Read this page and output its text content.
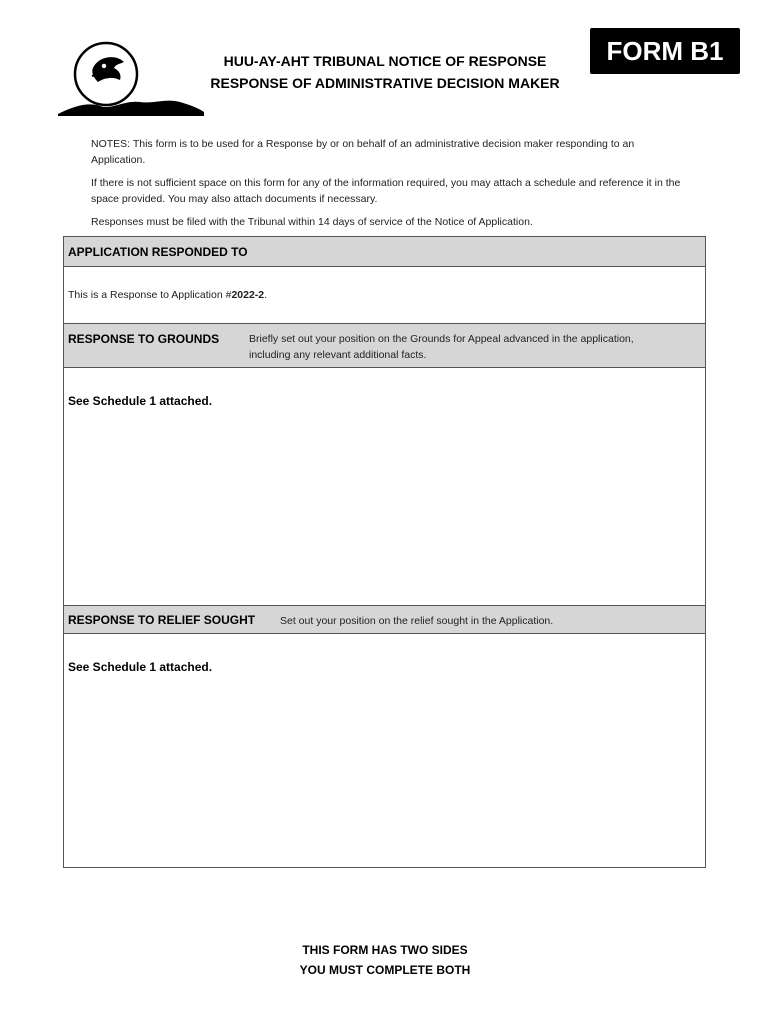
HUU-AY-AHT TRIBUNAL NOTICE OF RESPONSE
RESPONSE OF ADMINISTRATIVE DECISION MAKER
FORM B1

NOTES: This form is to be used for a Response by or on behalf of an administrative decision maker responding to an Application.

If there is not sufficient space on this form for any of the information required, you may attach a schedule and reference it in the space provided. You may also attach documents if necessary.

Responses must be filed with the Tribunal within 14 days of service of the Notice of Application.

APPLICATION RESPONDED TO
This is a Response to Application #2022-2.
RESPONSE TO GROUNDS	Briefly set out your position on the Grounds for Appeal advanced in the application,
including any relevant additional facts.
See Schedule 1 attached.
RESPONSE TO RELIEF SOUGHT Set out your position on the relief sought in the Application.
See Schedule 1 attached.
THIS FORM HAS TWO SIDES
YOU MUST COMPLETE BOTH
